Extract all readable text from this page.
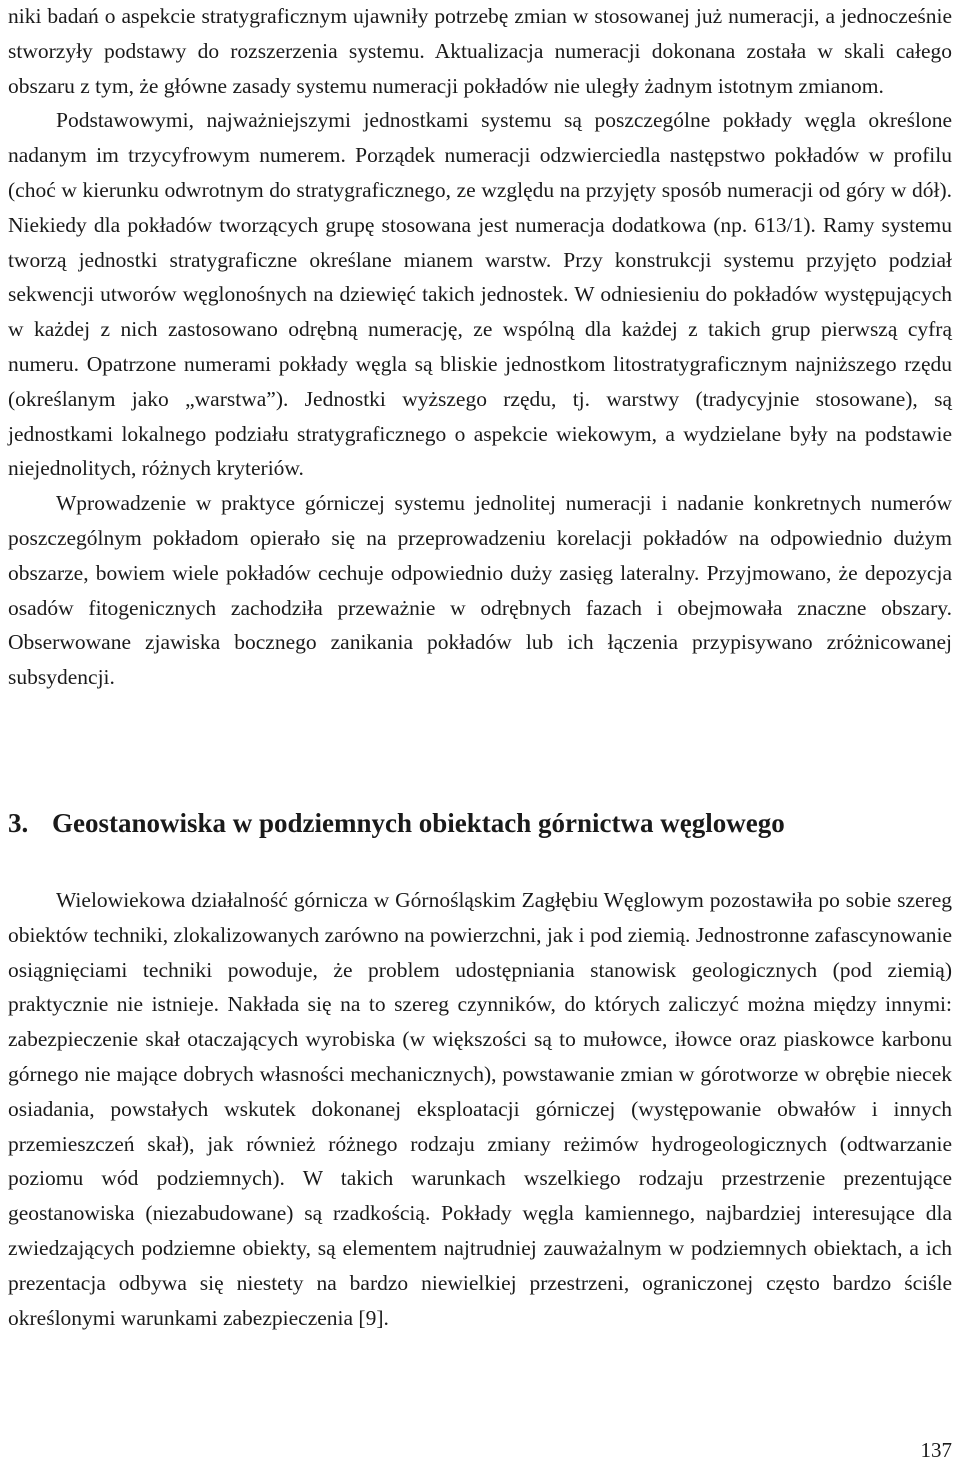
niki badań o aspekcie stratygraficznym ujawniły potrzebę zmian w stosowanej już numeracji, a jednocześnie stworzyły podstawy do rozszerzenia systemu. Aktualizacja numeracji dokonana została w skali całego obszaru z tym, że główne zasady systemu numeracji pokładów nie uległy żadnym istotnym zmianom.

Podstawowymi, najważniejszymi jednostkami systemu są poszczególne pokłady węgla określone nadanym im trzycyfrowym numerem. Porządek numeracji odzwierciedla następstwo pokładów w profilu (choć w kierunku odwrotnym do stratygraficznego, ze względu na przyjęty sposób numeracji od góry w dół). Niekiedy dla pokładów tworzących grupę stosowana jest numeracja dodatkowa (np. 613/1). Ramy systemu tworzą jednostki stratygraficzne określane mianem warstw. Przy konstrukcji systemu przyjęto podział sekwencji utworów węglonośnych na dziewięć takich jednostek. W odniesieniu do pokładów występujących w każdej z nich zastosowano odrębną numerację, ze wspólną dla każdej z takich grup pierwszą cyfrą numeru. Opatrzone numerami pokłady węgla są bliskie jednostkom litostratygraficznym najniższego rzędu (określanym jako „warstwa”). Jednostki wyższego rzędu, tj. warstwy (tradycyjnie stosowane), są jednostkami lokalnego podziału stratygraficznego o aspekcie wiekowym, a wydzielane były na podstawie niejednolitych, różnych kryteriów.

Wprowadzenie w praktyce górniczej systemu jednolitej numeracji i nadanie konkretnych numerów poszczególnym pokładom opierało się na przeprowadzeniu korelacji pokładów na odpowiednio dużym obszarze, bowiem wiele pokładów cechuje odpowiednio duży zasięg lateralny. Przyjmowano, że depozycja osadów fitogenicznych zachodziła przeważnie w odrębnych fazach i obejmowała znaczne obszary. Obserwowane zjawiska bocznego zanikania pokładów lub ich łączenia przypisywano zróżnicowanej subsydencji.

3. Geostanowiska w podziemnych obiektach górnictwa węglowego

Wielowiekowa działalność górnicza w Górnośląskim Zagłębiu Węglowym pozostawiła po sobie szereg obiektów techniki, zlokalizowanych zarówno na powierzchni, jak i pod ziemią. Jednostronne zafascynowanie osiągnięciami techniki powoduje, że problem udostępniania stanowisk geologicznych (pod ziemią) praktycznie nie istnieje. Nakłada się na to szereg czynników, do których zaliczyć można między innymi: zabezpieczenie skał otaczających wyrobiska (w większości są to mułowce, iłowce oraz piaskowce karbonu górnego nie mające dobrych własności mechanicznych), powstawanie zmian w górotworze w obrębie niecek osiadania, powstałych wskutek dokonanej eksploatacji górniczej (występowanie obwałów i innych przemieszczeń skał), jak również różnego rodzaju zmiany reżimów hydrogeologicznych (odtwarzanie poziomu wód podziemnych). W takich warunkach wszelkiego rodzaju przestrzenie prezentujące geostanowiska (niezabudowane) są rzadkością. Pokłady węgla kamiennego, najbardziej interesujące dla zwiedzających podziemne obiekty, są elementem najtrudniej zauważalnym w podziemnych obiektach, a ich prezentacja odbywa się niestety na bardzo niewielkiej przestrzeni, ograniczonej często bardzo ściśle określonymi warunkami zabezpieczenia [9].

137
